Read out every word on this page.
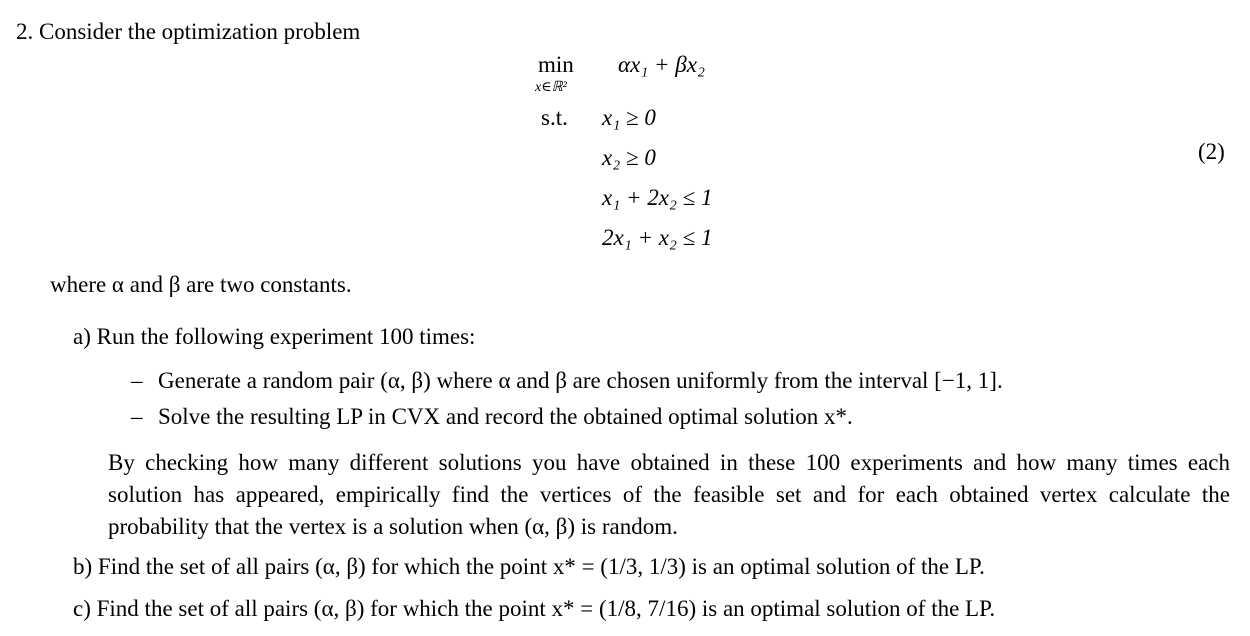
2. Consider the optimization problem
min
x∈ℝ²
αx₁ + βx₂
s.t. x₁ ≥ 0
x₂ ≥ 0
x₁ + 2x₂ ≤ 1
2x₁ + x₂ ≤ 1
(2)
where α and β are two constants.
a) Run the following experiment 100 times:
– Generate a random pair (α, β) where α and β are chosen uniformly from the interval [−1, 1].
– Solve the resulting LP in CVX and record the obtained optimal solution x*.
By checking how many different solutions you have obtained in these 100 experiments and how many times each solution has appeared, empirically find the vertices of the feasible set and for each obtained vertex calculate the probability that the vertex is a solution when (α, β) is random.
b) Find the set of all pairs (α, β) for which the point x* = (1/3, 1/3) is an optimal solution of the LP.
c) Find the set of all pairs (α, β) for which the point x* = (1/8, 7/16) is an optimal solution of the LP.
